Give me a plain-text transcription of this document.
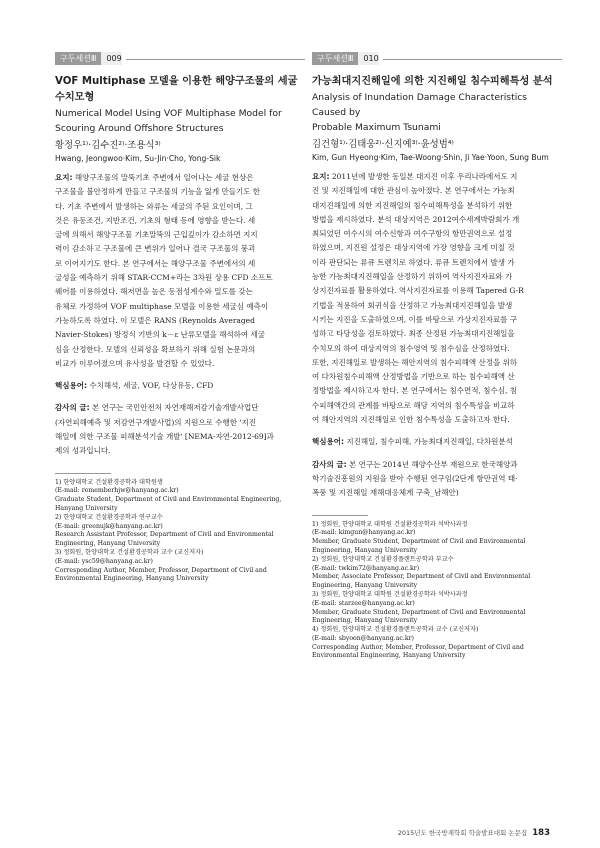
구두세션Ⅲ	009

VOF Multiphase 모델을 이용한 해양구조물의 세굴
수치모형

Numerical Model Using VOF Multiphase Model for
Scouring Around Offshore Structures

황정우¹⁾·김수진²⁾·조용식³⁾

Hwang, Jeongwoo·Kim, Su-Jin·Cho, Yong-Sik

요지: 해양구조물의 말뚝기초 주변에서 일어나는 세굴 현상은
구조물을 불안정하게 만들고 구조물의 기능을 잃게 만들기도 한
다. 기초 주변에서 발생하는 와류는 세굴의 주된 요인이며, 그
것은 유동조건, 지반조건, 기초의 형태 등에 영향을 받는다. 세
굴에 의해서 해양구조물 기초말뚝의 근입깊이가 감소하면 지지
력이 감소하고 구조물에 큰 변위가 일어나 결국 구조물의 붕괴
로 이어지기도 한다. 본 연구에서는 해양구조물 주변에서의 세
굴성을 예측하기 위해 STAR-CCM+라는 3차원 상용 CFD 소프트
웨어를 이용하였다. 해저면을 높은 동점성계수와 밀도를 갖는
유체로 가정하여 VOF multiphase 모델을 이용한 세굴심 예측이
가능하도록 하였다. 이 모델은 RANS (Reynolds Averaged
Navier-Stokes) 방정식 기반의 k－ε 난류모델을 해석하여 세굴
심을 산정한다. 모델의 신뢰성을 확보하기 위해 실험 논문과의
비교가 이루어졌으며 유사성을 발견할 수 있었다.

핵심용어: 수치해석, 세굴, VOF, 다상유동, CFD

감사의 글: 본 연구는 국민안전처 자연재해저감기술개발사업단
(자연피해예측 및 저감연구개발사업)의 지원으로 수행한 '지진
해일에 의한 구조물 피해분석기술 개발' [NEMA-자연-2012-69]과
제의 성과입니다.

1) 한양대학교 건설환경공학과 대학원생
(E-mail: rememberhjw@hanyang.ac.kr)
Graduate Student, Department of Civil and Environmental Engineering,
Hanyang University
2) 한양대학교 건설환경공학과 연구교수
(E-mail: greenujk@hanyang.ac.kr)
Research Assistant Professor, Department of Civil and Environmental
Engineering, Hanyang University
3) 정회원, 한양대학교 건설환경공학과 교수 (교신저자)
(E-mail: ysc59@hanyang.ac.kr)
Corresponding Author, Member, Professor, Department of Civil and
Environmental Engineering, Hanyang University

구두세션Ⅲ	010

가능최대지진해일에 의한 지진해일 침수피해특성 분석

Analysis of Inundation Damage Characteristics Caused by
Probable Maximum Tsunami

김건형¹⁾·김태웅²⁾·신지예³⁾·윤성범⁴⁾

Kim, Gun Hyeong·Kim, Tae-Woong·Shin, Ji Yae·Yoon, Sung Bum

요지: 2011년에 발생한 동일본 대지진 이후 우리나라에서도 지
진 및 지진해일에 대한 관심이 높아졌다. 본 연구에서는 가능최
대지진해일에 의한 지진해일의 침수피해특성을 분석하기 위한
방법을 제시하였다. 분석 대상지역은 2012여수세계박람회가 개
최되었던 여수시의 여수신항과 여수구항의 항만권역으로 설정
하였으며, 지진원 설정은 대상지역에 가장 영향을 크게 미칠 것
이라 판단되는 류큐 트렌치로 하였다. 류큐 트렌치에서 발생 가
능한 가능최대지진해일을 산정하기 위하여 역사지진자료와 가
상지진자료를 활용하였다. 역사지진자료를 이용해 Tapered G-R
기법을 적용하여 회귀식을 산정하고 가능최대지진해일을 발생
시키는 지진을 도출하였으며, 이를 바탕으로 가상지진자료를 구
성하고 타당성을 검토하였다. 최종 산정된 가능최대지진해일을
수치모의 하여 대상지역의 침수영역 및 침수심을 산정하였다.
또한, 지진해일로 발생하는 해안지역의 침수피해액 산정을 위하
여 다차원침수피해액 산정방법을 기반으로 하는 침수피해액 산
정방법을 제시하고자 한다. 본 연구에서는 침수면적, 침수심, 침
수피해액간의 관계를 바탕으로 해당 지역의 침수특성을 비교하
여 해안지역의 지진해일로 인한 침수특성을 도출하고자 한다.

핵심용어: 지진해일, 침수피해, 가능최대지진해일, 다차원분석

감사의 글: 본 연구는 2014년 해양수산부 재원으로 한국해양과
학기술진흥원의 지원을 받아 수행된 연구임(2단계 항만권역 태·
폭풍 및 지진해일 재해대응체계 구축_남해안)

1) 정회원, 한양대학교 대학원 건설환경공학과 석박사과정
(E-mail: kimgun@hanyang.ac.kr)
Member, Graduate Student, Department of Civil and Environmental
Engineering, Hanyang University
2) 정회원, 한양대학교 건설환경플랜트공학과 부교수
(E-mail: twkim72@hanyang.ac.kr)
Member, Associate Professor, Department of Civil and Environmental
Engineering, Hanyang University
3) 정회원, 한양대학교 대학원 건설환경공학과 석박사과정
(E-mail: starzee@hanyang.ac.kr)
Member, Graduate Student, Department of Civil and Environmental
Engineering, Hanyang University
4) 정회원, 한양대학교 건설환경플랜트공학과 교수 (교신저자)
(E-mail: sbyoon@hanyang.ac.kr)
Corresponding Author, Member, Professor, Department of Civil and
Environmental Engineering, Hanyang University

2015년도 한국방재학회 학술발표대회 논문집 183
